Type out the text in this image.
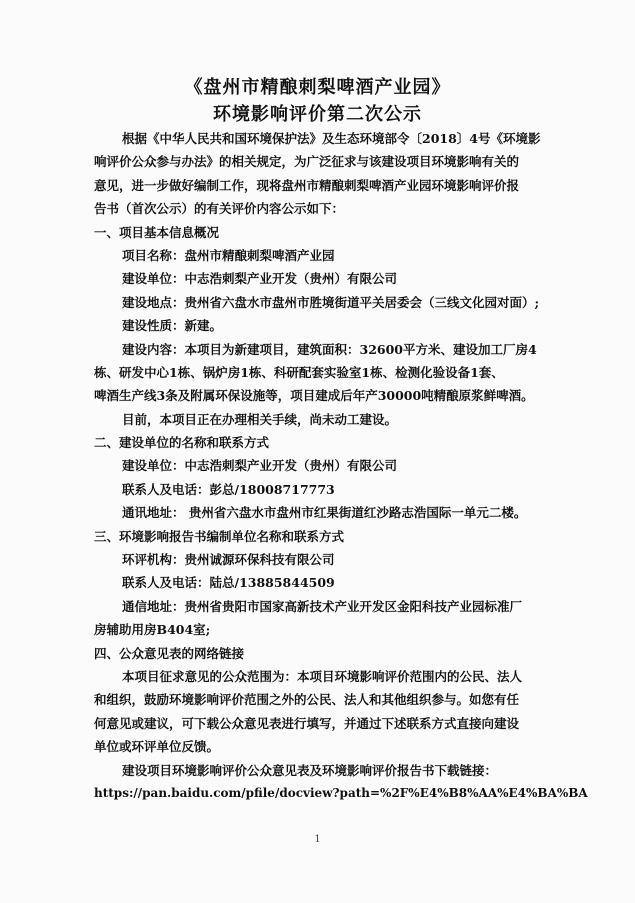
《盘州市精酿刺梨啤酒产业园》
环境影响评价第二次公示
根据《中华人民共和国环境保护法》及生态环境部令〔2018〕4号《环境影
响评价公众参与办法》的相关规定，为广泛征求与该建设项目环境影响有关的
意见，进一步做好编制工作，现将盘州市精酿刺梨啤酒产业园环境影响评价报
告书（首次公示）的有关评价内容公示如下：
一、项目基本信息概况
项目名称：盘州市精酿刺梨啤酒产业园
建设单位：中志浩刺梨产业开发（贵州）有限公司
建设地点：贵州省六盘水市盘州市胜境街道平关居委会（三线文化园对面）;
建设性质：新建。
建设内容：本项目为新建项目，建筑面积：32600平方米、建设加工厂房4
栋、研发中心1栋、锅炉房1栋、科研配套实验室1栋、检测化验设备1套、
啤酒生产线3条及附属环保设施等，项目建成后年产30000吨精酿原浆鲜啤酒。
目前，本项目正在办理相关手续，尚未动工建设。
二、建设单位的名称和联系方式
建设单位：中志浩刺梨产业开发（贵州）有限公司
联系人及电话：彭总/18008717773
通讯地址： 贵州省六盘水市盘州市红果街道红沙路志浩国际一单元二楼。
三、环境影响报告书编制单位名称和联系方式
环评机构：贵州诚源环保科技有限公司
联系人及电话：陆总/13885844509
通信地址：贵州省贵阳市国家高新技术产业开发区金阳科技产业园标准厂
房辅助用房B404室;
四、公众意见表的网络链接
本项目征求意见的公众范围为：本项目环境影响评价范围内的公民、法人
和组织，鼓励环境影响评价范围之外的公民、法人和其他组织参与。如您有任
何意见或建议，可下载公众意见表进行填写，并通过下述联系方式直接向建设
单位或环评单位反馈。
建设项目环境影响评价公众意见表及环境影响评价报告书下载链接：
https://pan.baidu.com/pfile/docview?path=%2F%E4%B8%AA%E4%BA%BA
1
